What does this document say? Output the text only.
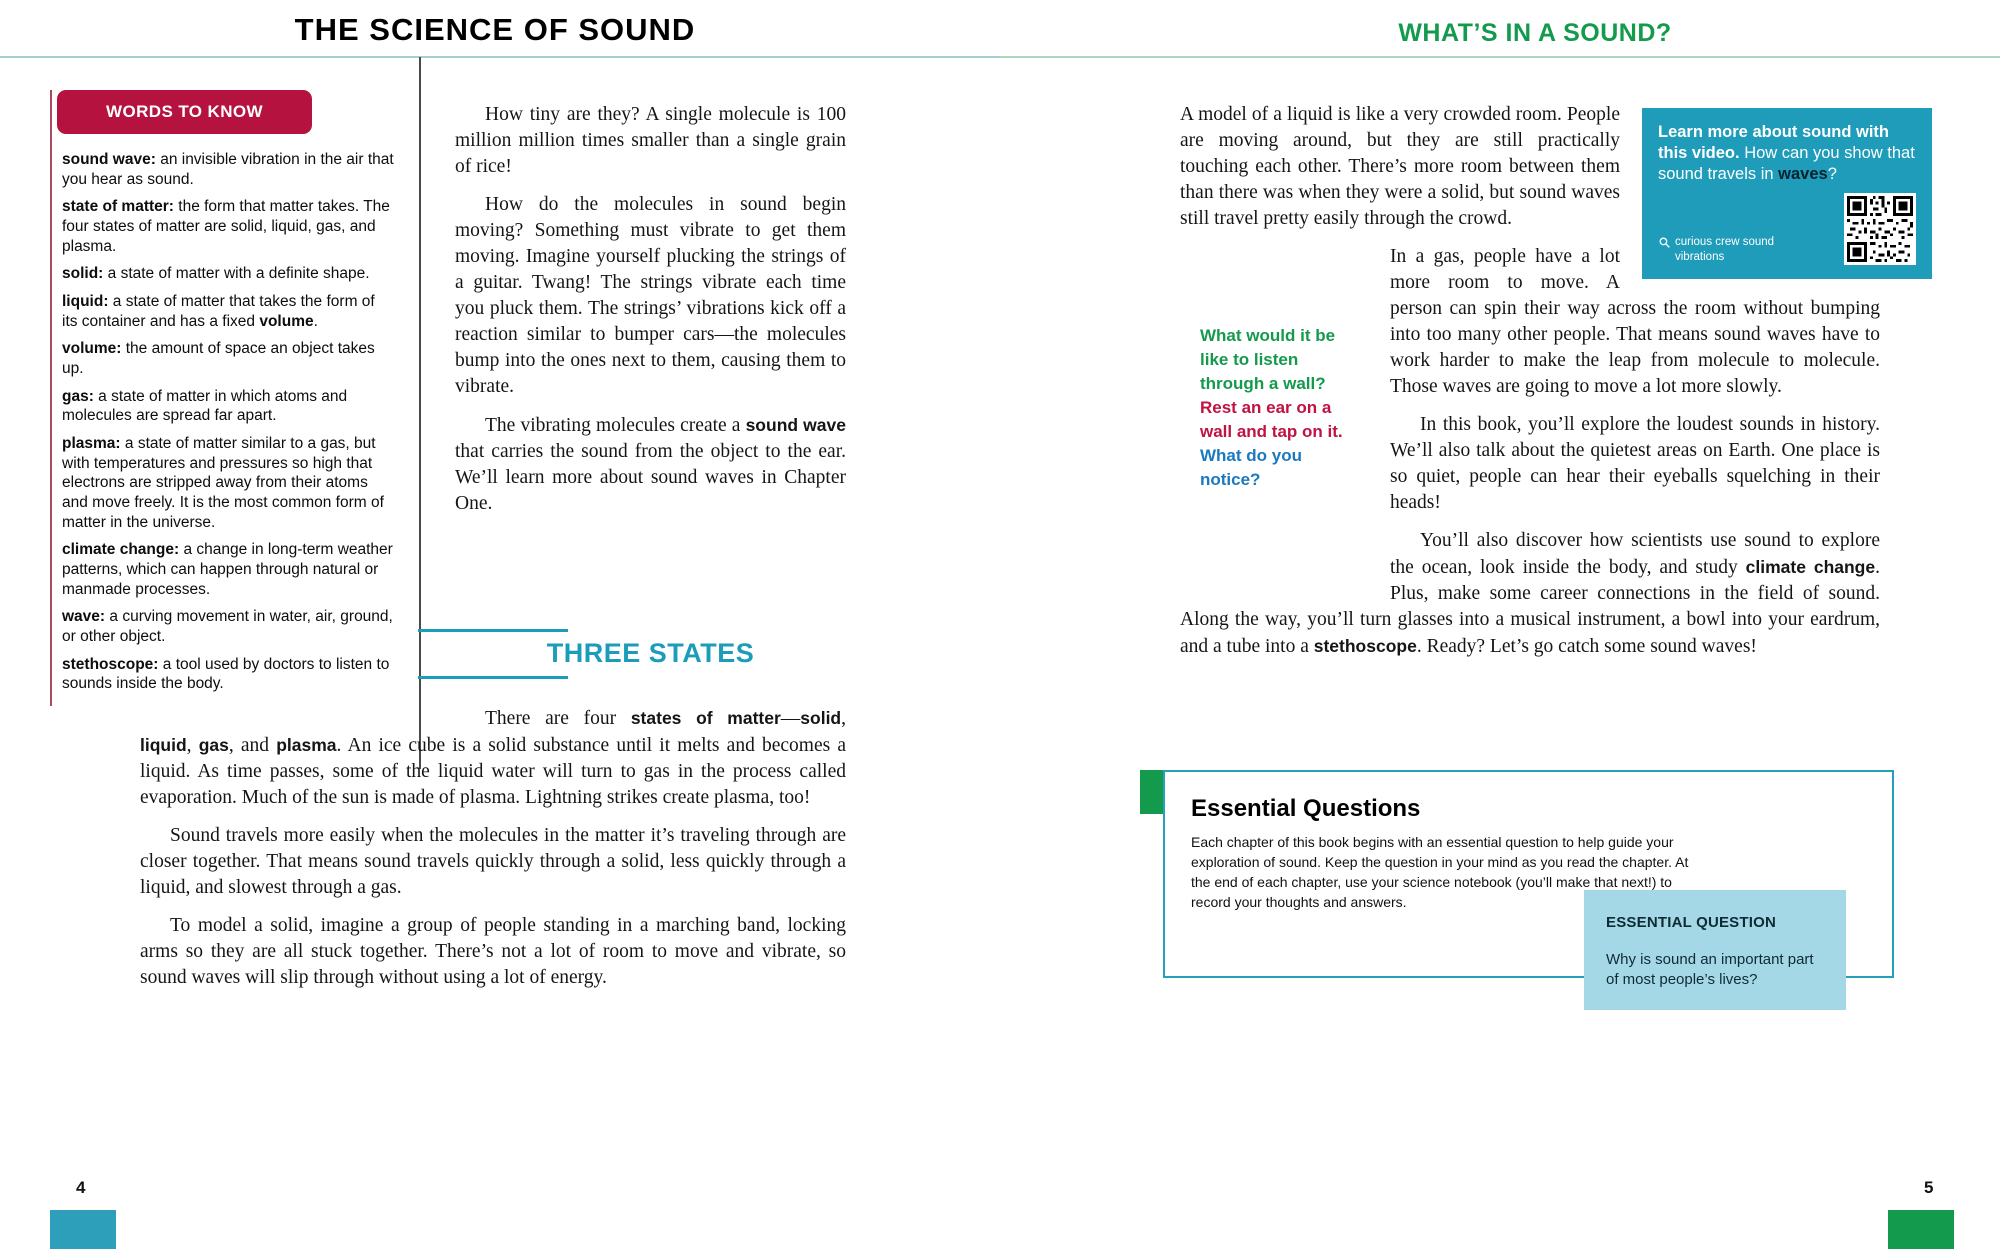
THE SCIENCE OF SOUND	WHAT’S IN A SOUND?
WORDS TO KNOW
sound wave: an invisible vibration in the air that you hear as sound.
state of matter: the form that matter takes. The four states of matter are solid, liquid, gas, and plasma.
solid: a state of matter with a definite shape.
liquid: a state of matter that takes the form of its container and has a fixed volume.
volume: the amount of space an object takes up.
gas: a state of matter in which atoms and molecules are spread far apart.
plasma: a state of matter similar to a gas, but with temperatures and pressures so high that electrons are stripped away from their atoms and move freely. It is the most common form of matter in the universe.
climate change: a change in long-term weather patterns, which can happen through natural or manmade processes.
wave: a curving movement in water, air, ground, or other object.
stethoscope: a tool used by doctors to listen to sounds inside the body.

How tiny are they? A single molecule is 100 million million times smaller than a single grain of rice!

How do the molecules in sound begin moving? Something must vibrate to get them moving. Imagine yourself plucking the strings of a guitar. Twang! The strings vibrate each time you pluck them. The strings’ vibrations kick off a reaction similar to bumper cars—the molecules bump into the ones next to them, causing them to vibrate.

The vibrating molecules create a sound wave that carries the sound from the object to the ear. We’ll learn more about sound waves in Chapter One.

THREE STATES

There are four states of matter—solid, liquid, gas, and plasma. An ice cube is a solid substance until it melts and becomes a liquid. As time passes, some of the liquid water will turn to gas in the process called evaporation. Much of the sun is made of plasma. Lightning strikes create plasma, too!

Sound travels more easily when the molecules in the matter it’s traveling through are closer together. That means sound travels quickly through a solid, less quickly through a liquid, and slowest through a gas.

To model a solid, imagine a group of people standing in a marching band, locking arms so they are all stuck together. There’s not a lot of room to move and vibrate, so sound waves will slip through without using a lot of energy.

Learn more about sound with this video. How can you show that sound travels in waves?
curious crew sound vibrations
A model of a liquid is like a very crowded room. People are moving around, but they are still practically touching each other. There’s more room between them than there was when they were a solid, but sound waves still travel pretty easily through the crowd.

What would it be like to listen through a wall? Rest an ear on a wall and tap on it. What do you notice?
In a gas, people have a lot more room to move. A person can spin their way across the room without bumping into too many other people. That means sound waves have to work harder to make the leap from molecule to molecule. Those waves are going to move a lot more slowly.

In this book, you’ll explore the loudest sounds in history. We’ll also talk about the quietest areas on Earth. One place is so quiet, people can hear their eyeballs squelching in their heads!

You’ll also discover how scientists use sound to explore the ocean, look inside the body, and study climate change. Plus, make some career connections in the field of sound. Along the way, you’ll turn glasses into a musical instrument, a bowl into your eardrum, and a tube into a stethoscope. Ready? Let’s go catch some sound waves!

Essential Questions
Each chapter of this book begins with an essential question to help guide your exploration of sound. Keep the question in your mind as you read the chapter. At the end of each chapter, use your science notebook (you’ll make that next!) to record your thoughts and answers.
ESSENTIAL QUESTION
Why is sound an important part of most people’s lives?
4	5
